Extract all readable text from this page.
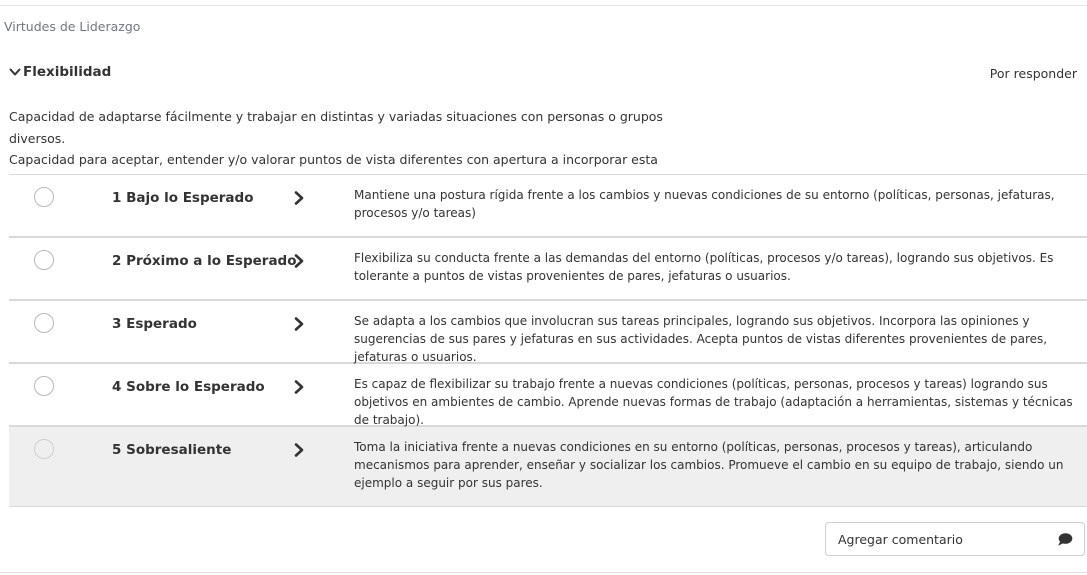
Virtudes de Liderazgo
Flexibilidad	Por responder

Capacidad de adaptarse fácilmente y trabajar en distintas y variadas situaciones con personas o grupos diversos.

Capacidad para aceptar, entender y/o valorar puntos de vista diferentes con apertura a incorporar esta

1 Bajo lo Esperado	Mantiene una postura rígida frente a los cambios y nuevas condiciones de su entorno (políticas, personas, jefaturas, procesos y/o tareas)
2 Próximo a lo Esperado	Flexibiliza su conducta frente a las demandas del entorno (políticas, procesos y/o tareas), logrando sus objetivos. Es tolerante a puntos de vistas provenientes de pares, jefaturas o usuarios.
3 Esperado	Se adapta a los cambios que involucran sus tareas principales, logrando sus objetivos. Incorpora las opiniones y sugerencias de sus pares y jefaturas en sus actividades. Acepta puntos de vistas diferentes provenientes de pares, jefaturas o usuarios.
4 Sobre lo Esperado	Es capaz de flexibilizar su trabajo frente a nuevas condiciones (políticas, personas, procesos y tareas) logrando sus objetivos en ambientes de cambio. Aprende nuevas formas de trabajo (adaptación a herramientas, sistemas y técnicas de trabajo).
5 Sobresaliente	Toma la iniciativa frente a nuevas condiciones en su entorno (políticas, personas, procesos y tareas), articulando mecanismos para aprender, enseñar y socializar los cambios. Promueve el cambio en su equipo de trabajo, siendo un ejemplo a seguir por sus pares.
Agregar comentario
